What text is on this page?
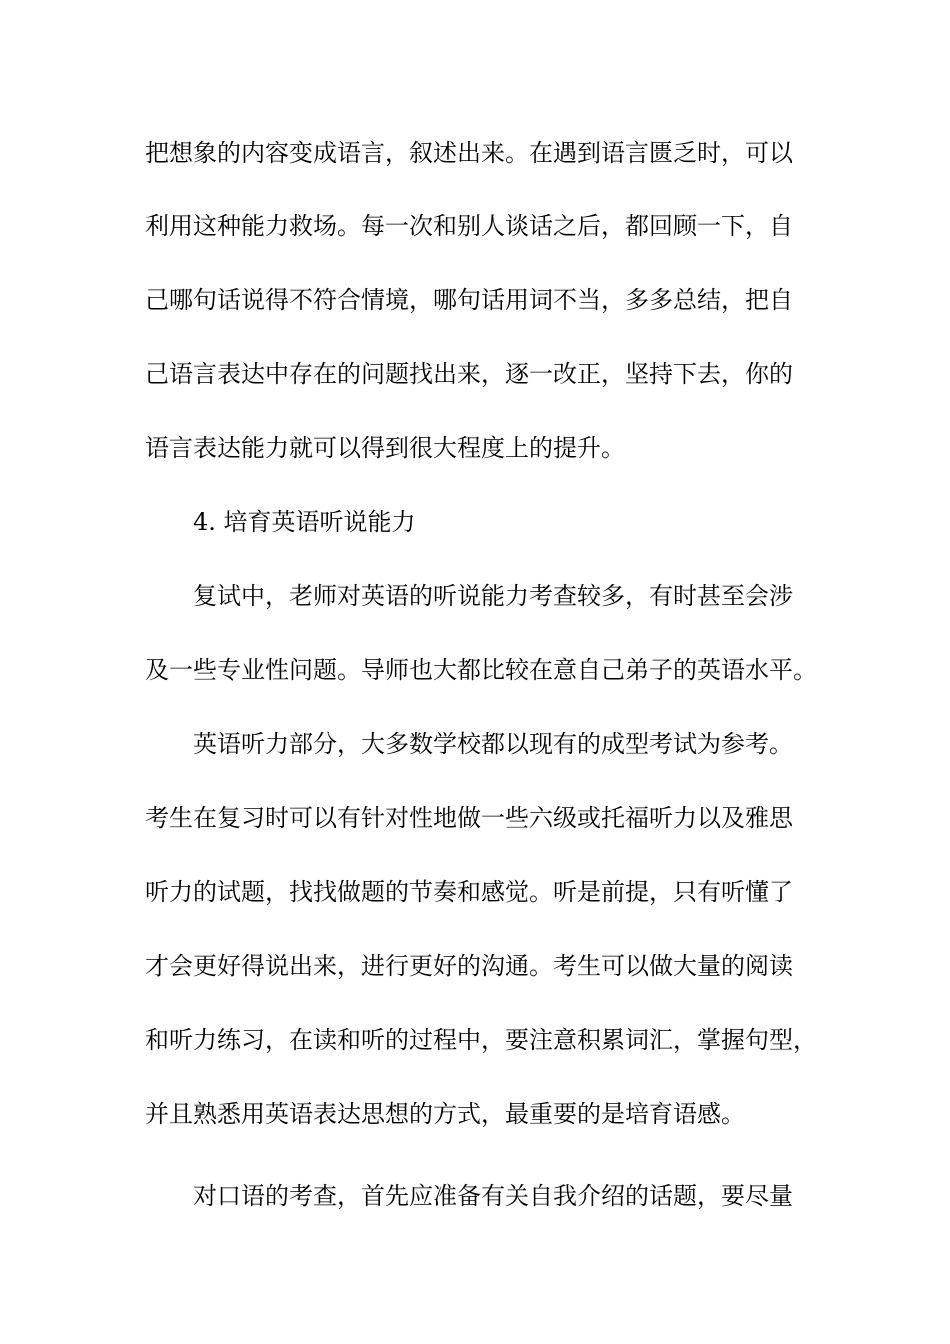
把想象的内容变成语言，叙述出来。在遇到语言匮乏时，可以
利用这种能力救场。每一次和别人谈话之后，都回顾一下，自
己哪句话说得不符合情境，哪句话用词不当，多多总结，把自
己语言表达中存在的问题找出来，逐一改正，坚持下去，你的
语言表达能力就可以得到很大程度上的提升。
4. 培育英语听说能力
复试中，老师对英语的听说能力考查较多，有时甚至会涉
及一些专业性问题。导师也大都比较在意自己弟子的英语水平。
英语听力部分，大多数学校都以现有的成型考试为参考。
考生在复习时可以有针对性地做一些六级或托福听力以及雅思
听力的试题，找找做题的节奏和感觉。听是前提，只有听懂了
才会更好得说出来，进行更好的沟通。考生可以做大量的阅读
和听力练习，在读和听的过程中，要注意积累词汇，掌握句型，
并且熟悉用英语表达思想的方式，最重要的是培育语感。
对口语的考查，首先应准备有关自我介绍的话题，要尽量
